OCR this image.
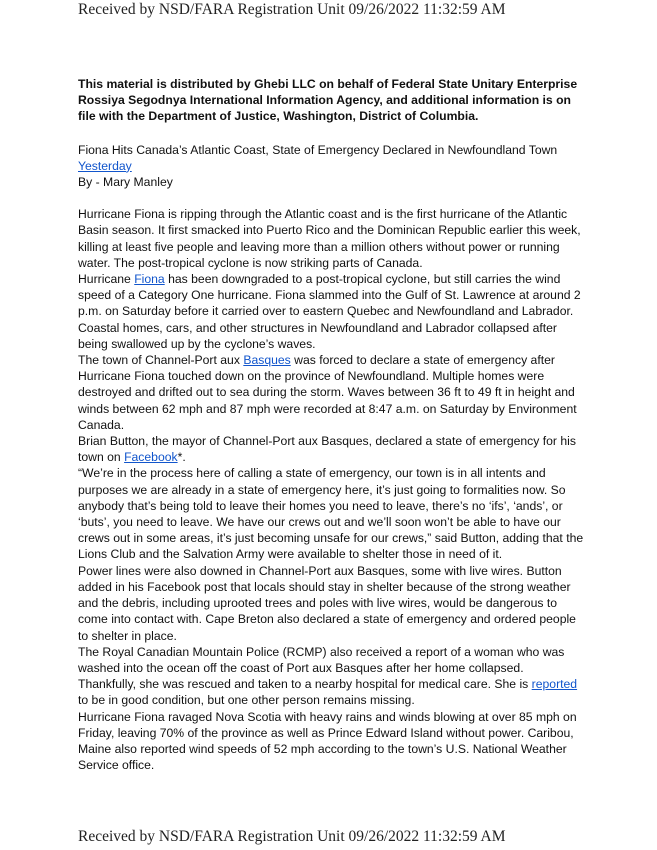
Received by NSD/FARA Registration Unit 09/26/2022 11:32:59 AM

This material is distributed by Ghebi LLC on behalf of Federal State Unitary Enterprise Rossiya Segodnya International Information Agency, and additional information is on file with the Department of Justice, Washington, District of Columbia.

Fiona Hits Canada’s Atlantic Coast, State of Emergency Declared in Newfoundland Town

Yesterday

By - Mary Manley

Hurricane Fiona is ripping through the Atlantic coast and is the first hurricane of the Atlantic Basin season. It first smacked into Puerto Rico and the Dominican Republic earlier this week, killing at least five people and leaving more than a million others without power or running water. The post-tropical cyclone is now striking parts of Canada.

Hurricane Fiona has been downgraded to a post-tropical cyclone, but still carries the wind speed of a Category One hurricane. Fiona slammed into the Gulf of St. Lawrence at around 2 p.m. on Saturday before it carried over to eastern Quebec and Newfoundland and Labrador. Coastal homes, cars, and other structures in Newfoundland and Labrador collapsed after being swallowed up by the cyclone’s waves.

The town of Channel-Port aux Basques was forced to declare a state of emergency after Hurricane Fiona touched down on the province of Newfoundland. Multiple homes were destroyed and drifted out to sea during the storm. Waves between 36 ft to 49 ft in height and winds between 62 mph and 87 mph were recorded at 8:47 a.m. on Saturday by Environment Canada.

Brian Button, the mayor of Channel-Port aux Basques, declared a state of emergency for his town on Facebook*.

“We’re in the process here of calling a state of emergency, our town is in all intents and purposes we are already in a state of emergency here, it’s just going to formalities now. So anybody that’s being told to leave their homes you need to leave, there’s no ‘ifs’, ‘ands’, or ‘buts’, you need to leave. We have our crews out and we’ll soon won’t be able to have our crews out in some areas, it’s just becoming unsafe for our crews,” said Button, adding that the Lions Club and the Salvation Army were available to shelter those in need of it.

Power lines were also downed in Channel-Port aux Basques, some with live wires. Button added in his Facebook post that locals should stay in shelter because of the strong weather and the debris, including uprooted trees and poles with live wires, would be dangerous to come into contact with. Cape Breton also declared a state of emergency and ordered people to shelter in place.

The Royal Canadian Mountain Police (RCMP) also received a report of a woman who was washed into the ocean off the coast of Port aux Basques after her home collapsed. Thankfully, she was rescued and taken to a nearby hospital for medical care. She is reported to be in good condition, but one other person remains missing.

Hurricane Fiona ravaged Nova Scotia with heavy rains and winds blowing at over 85 mph on Friday, leaving 70% of the province as well as Prince Edward Island without power. Caribou, Maine also reported wind speeds of 52 mph according to the town’s U.S. National Weather Service office.

Received by NSD/FARA Registration Unit 09/26/2022 11:32:59 AM
